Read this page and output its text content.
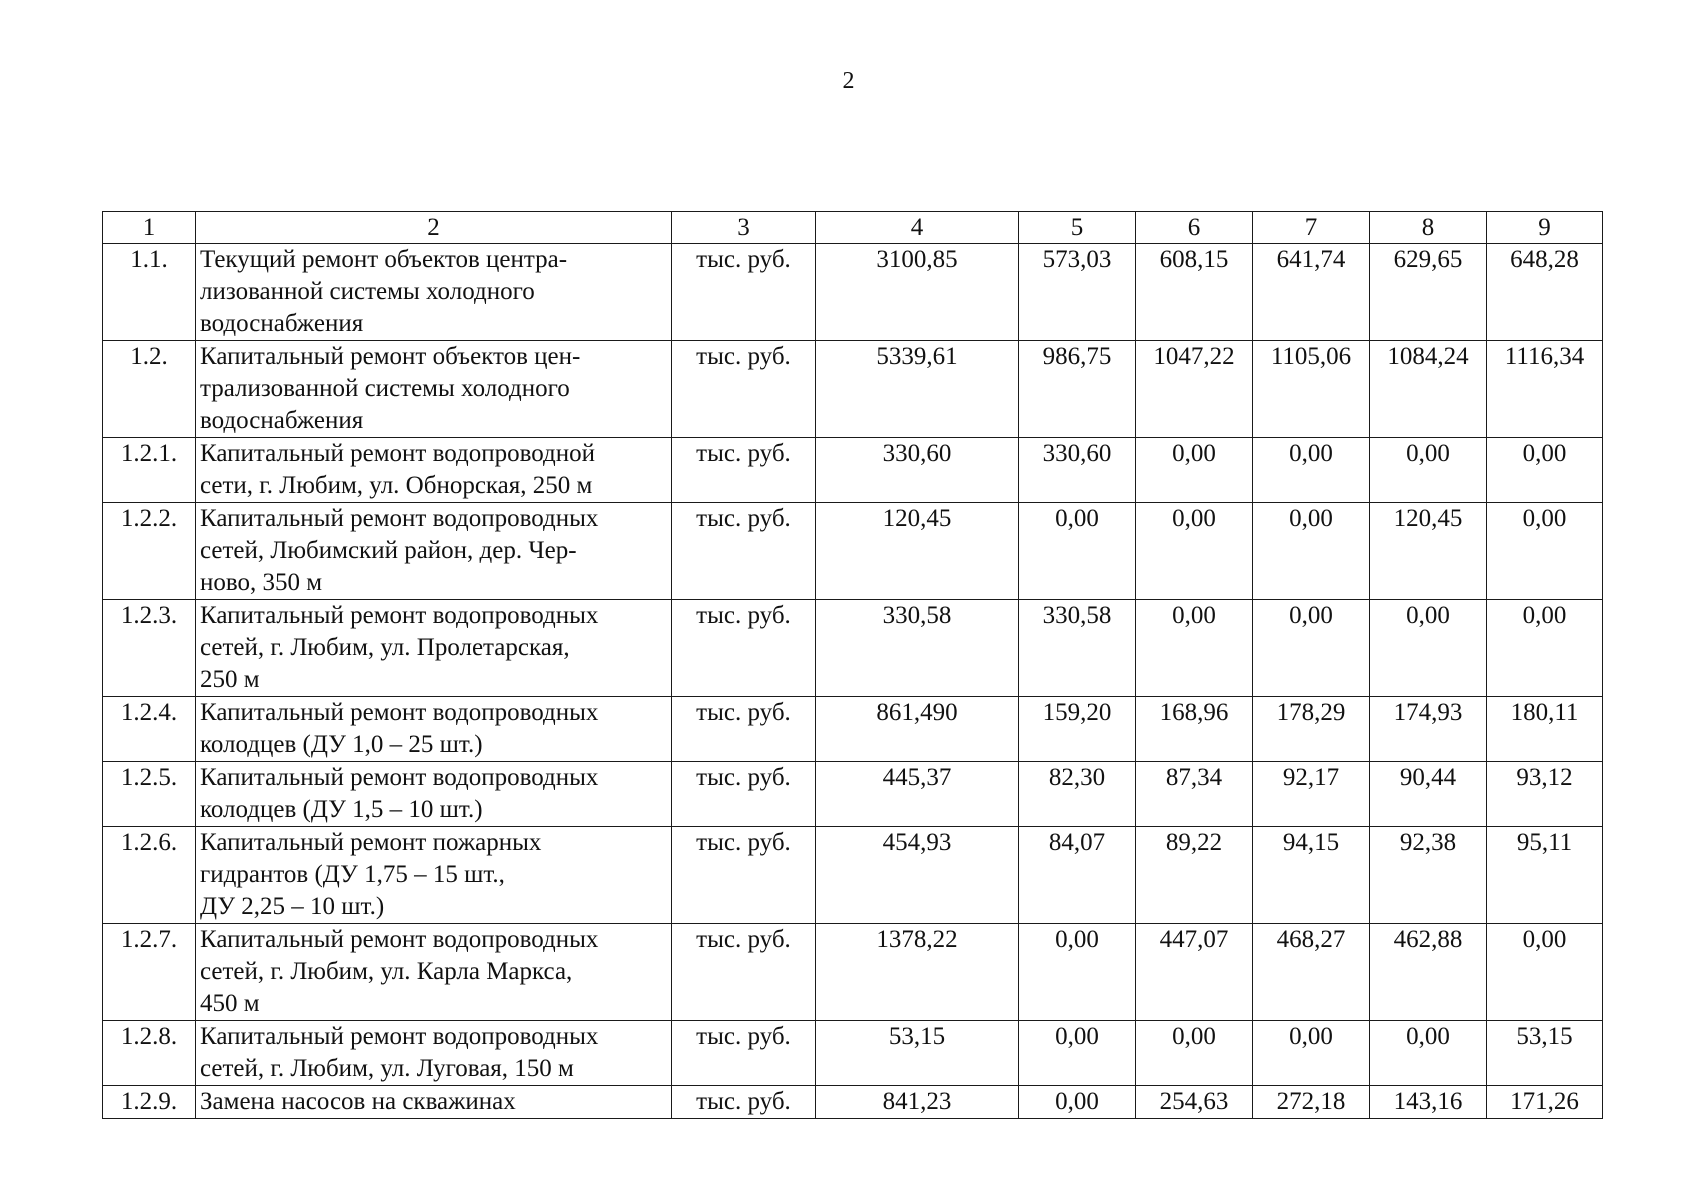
2
1	2	3	4	5	6	7	8	9
1.1.	Текущий ремонт объектов центра-
лизованной системы холодного
водоснабжения	тыс. руб.	3100,85	573,03	608,15	641,74	629,65	648,28
1.2.	Капитальный ремонт объектов цен-
трализованной системы холодного
водоснабжения	тыс. руб.	5339,61	986,75	1047,22	1105,06	1084,24	1116,34
1.2.1.	Капитальный ремонт водопроводной
сети, г. Любим, ул. Обнорская, 250 м	тыс. руб.	330,60	330,60	0,00	0,00	0,00	0,00
1.2.2.	Капитальный ремонт водопроводных
сетей, Любимский район, дер. Чер-
ново, 350 м	тыс. руб.	120,45	0,00	0,00	0,00	120,45	0,00
1.2.3.	Капитальный ремонт водопроводных
сетей, г. Любим, ул. Пролетарская,
250 м	тыс. руб.	330,58	330,58	0,00	0,00	0,00	0,00
1.2.4.	Капитальный ремонт водопроводных
колодцев (ДУ 1,0 – 25 шт.)	тыс. руб.	861,490	159,20	168,96	178,29	174,93	180,11
1.2.5.	Капитальный ремонт водопроводных
колодцев (ДУ 1,5 – 10 шт.)	тыс. руб.	445,37	82,30	87,34	92,17	90,44	93,12
1.2.6.	Капитальный ремонт пожарных
гидрантов (ДУ 1,75 – 15 шт.,
ДУ 2,25 – 10 шт.)	тыс. руб.	454,93	84,07	89,22	94,15	92,38	95,11
1.2.7.	Капитальный ремонт водопроводных
сетей, г. Любим, ул. Карла Маркса,
450 м	тыс. руб.	1378,22	0,00	447,07	468,27	462,88	0,00
1.2.8.	Капитальный ремонт водопроводных
сетей, г. Любим, ул. Луговая, 150 м	тыс. руб.	53,15	0,00	0,00	0,00	0,00	53,15
1.2.9.	Замена насосов на скважинах	тыс. руб.	841,23	0,00	254,63	272,18	143,16	171,26
